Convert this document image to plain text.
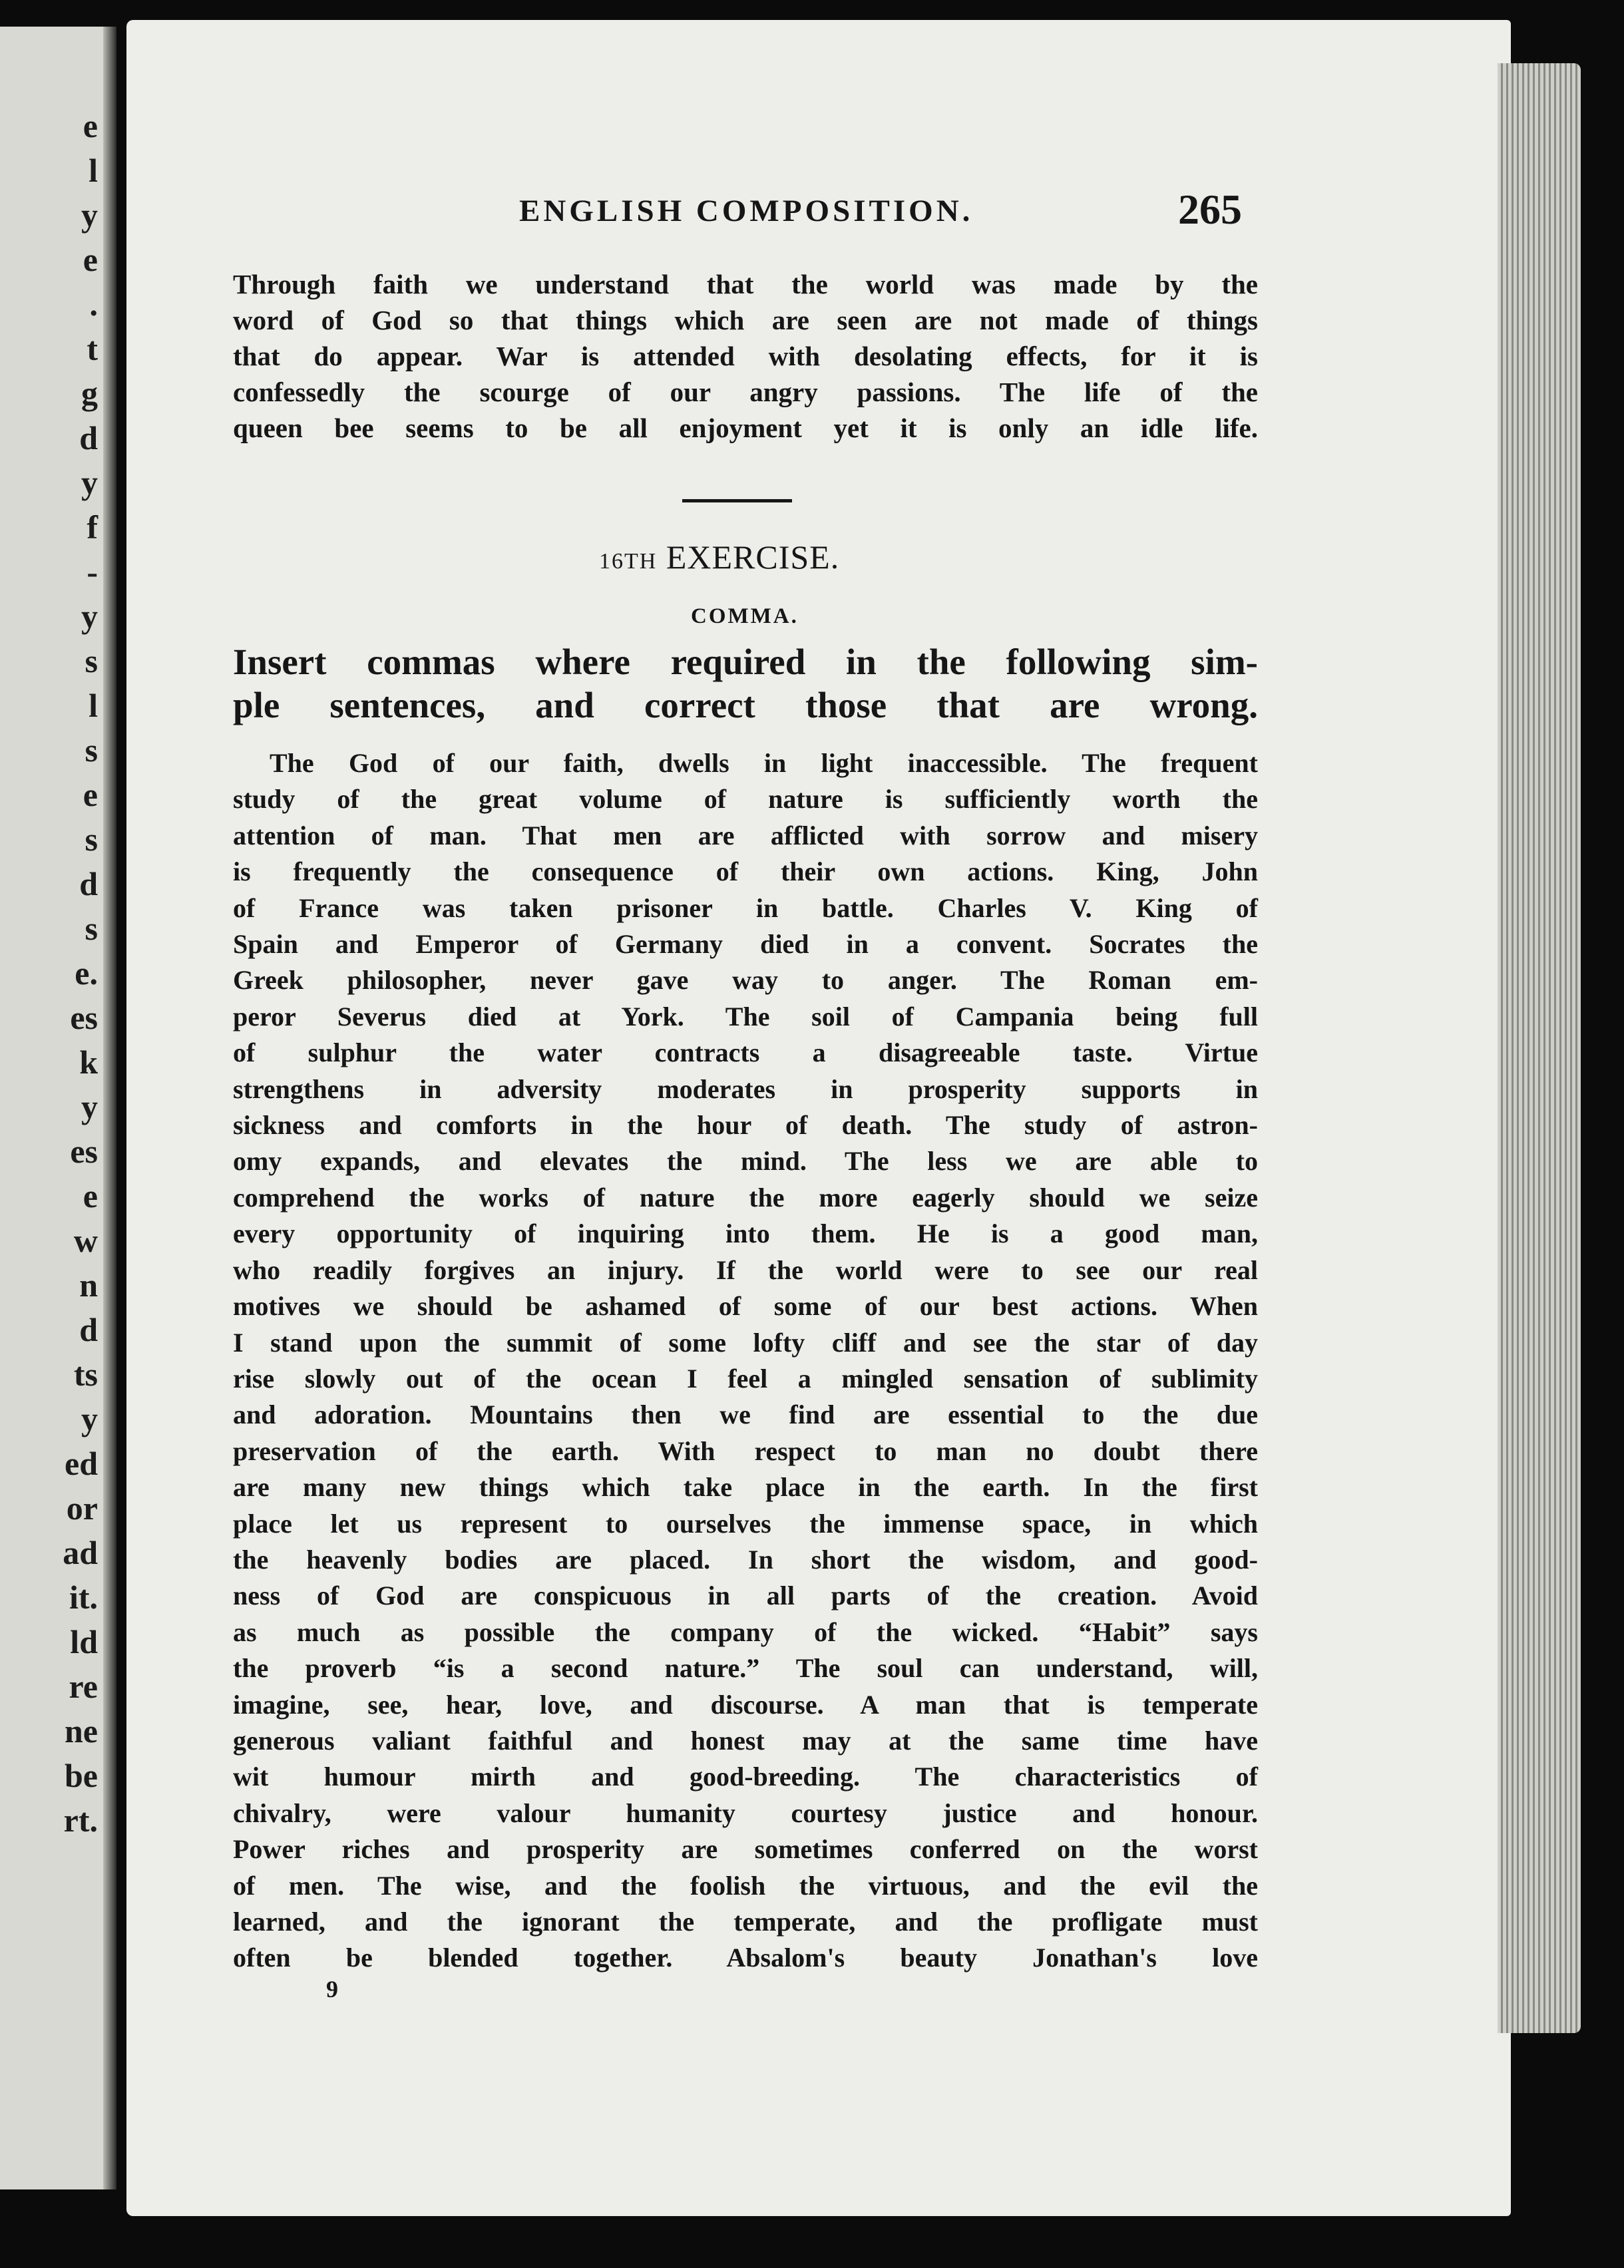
e
l
y
e
.
t
g
d
y
f
-
y
s
l
s
e
s
d
s
e.
es
k
y
es
e
w
n
d
ts
y
ed
or
ad
it.
ld
re
ne
be
rt.
ENGLISH COMPOSITION.	265
Through faith we understand that the world was made by the
word of God so that things which are seen are not made of things
that do appear. War is attended with desolating effects, for it is
confessedly the scourge of our angry passions. The life of the
queen bee seems to be all enjoyment yet it is only an idle life.
16TH EXERCISE.
COMMA.
Insert commas where required in the following sim-
ple sentences, and correct those that are wrong.
The God of our faith, dwells in light inaccessible. The frequent
study of the great volume of nature is sufficiently worth the
attention of man. That men are afflicted with sorrow and misery
is frequently the consequence of their own actions. King, John
of France was taken prisoner in battle. Charles V. King of
Spain and Emperor of Germany died in a convent. Socrates the
Greek philosopher, never gave way to anger. The Roman em-
peror Severus died at York. The soil of Campania being full
of sulphur the water contracts a disagreeable taste. Virtue
strengthens in adversity moderates in prosperity supports in
sickness and comforts in the hour of death. The study of astron-
omy expands, and elevates the mind. The less we are able to
comprehend the works of nature the more eagerly should we seize
every opportunity of inquiring into them. He is a good man,
who readily forgives an injury. If the world were to see our real
motives we should be ashamed of some of our best actions. When
I stand upon the summit of some lofty cliff and see the star of day
rise slowly out of the ocean I feel a mingled sensation of sublimity
and adoration. Mountains then we find are essential to the due
preservation of the earth. With respect to man no doubt there
are many new things which take place in the earth. In the first
place let us represent to ourselves the immense space, in which
the heavenly bodies are placed. In short the wisdom, and good-
ness of God are conspicuous in all parts of the creation. Avoid
as much as possible the company of the wicked. “Habit” says
the proverb “is a second nature.” The soul can understand, will,
imagine, see, hear, love, and discourse. A man that is temperate
generous valiant faithful and honest may at the same time have
wit humour mirth and good-breeding. The characteristics of
chivalry, were valour humanity courtesy justice and honour.
Power riches and prosperity are sometimes conferred on the worst
of men. The wise, and the foolish the virtuous, and the evil the
learned, and the ignorant the temperate, and the profligate must
often be blended together. Absalom's beauty Jonathan's love
9
